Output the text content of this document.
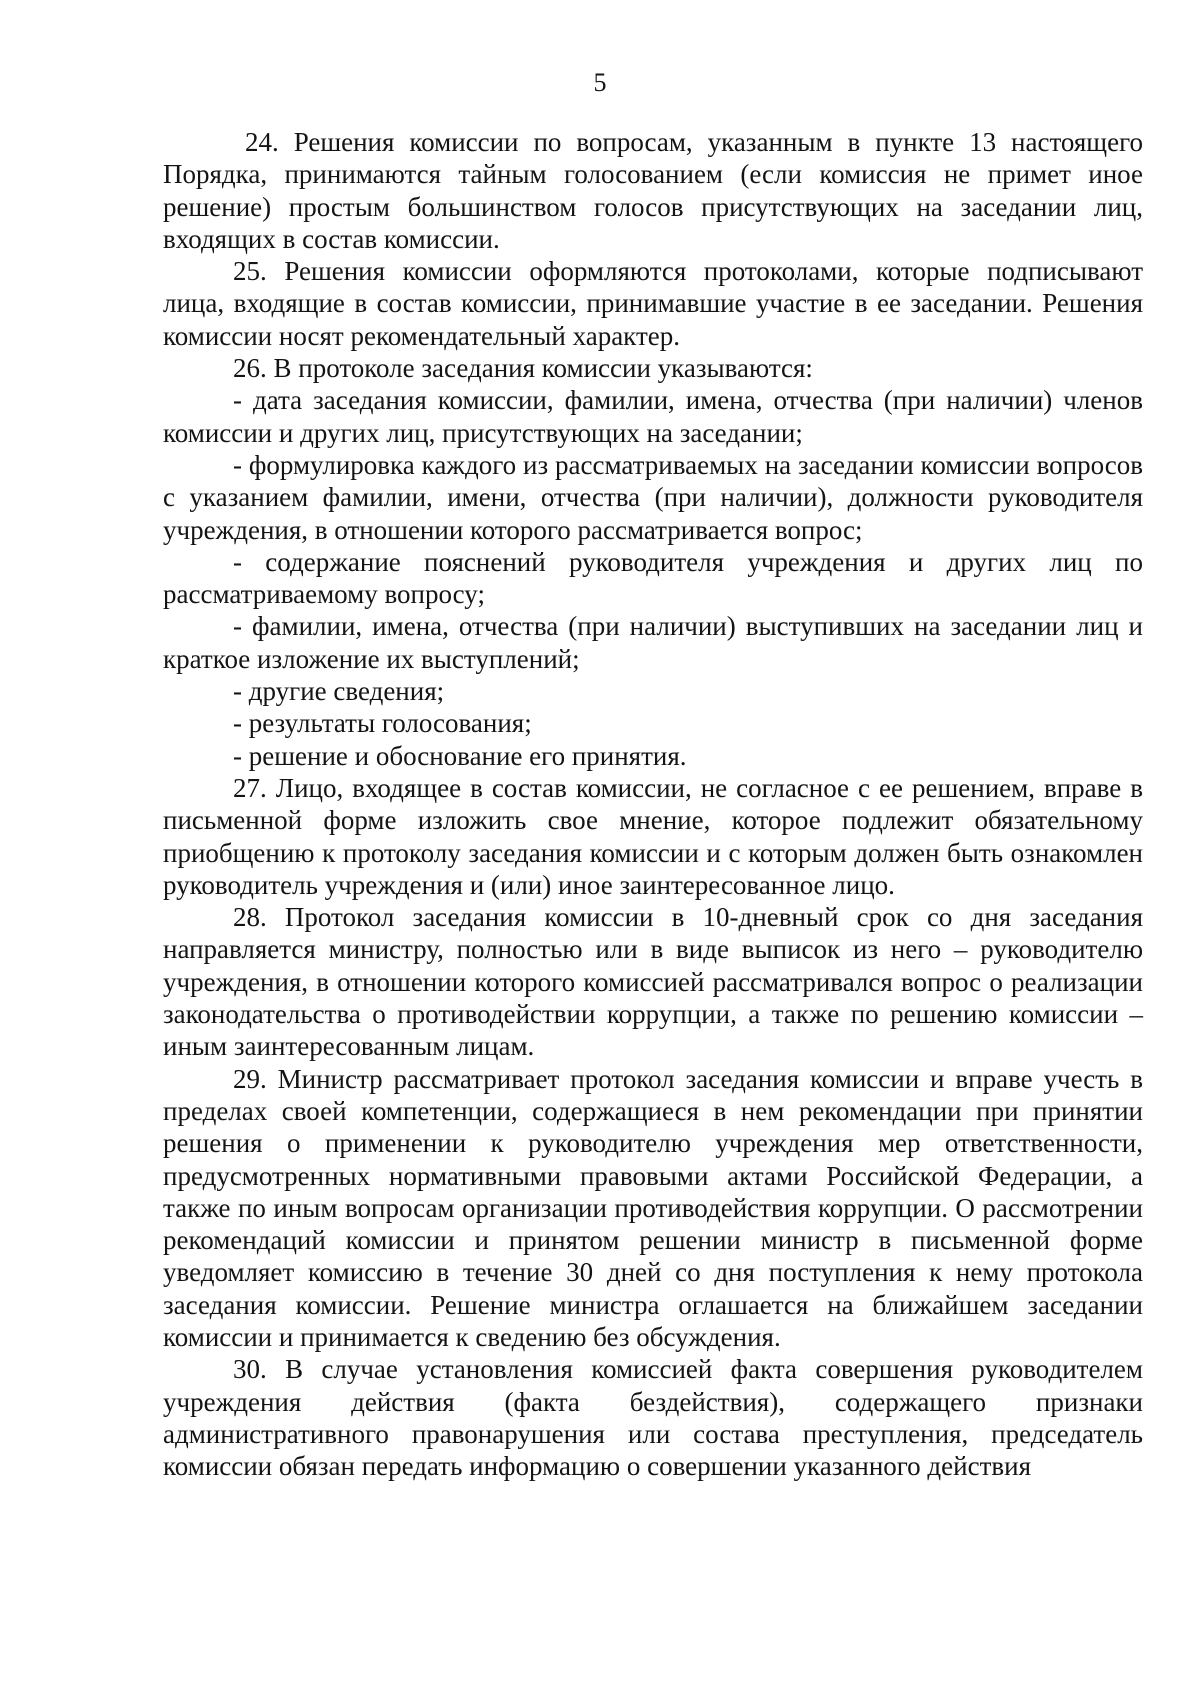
5

24. Решения комиссии по вопросам, указанным в пункте 13 настоящего Порядка, принимаются тайным голосованием (если комиссия не примет иное решение) простым большинством голосов присутствующих на заседании лиц, входящих в состав комиссии.

25. Решения комиссии оформляются протоколами, которые подписывают лица, входящие в состав комиссии, принимавшие участие в ее заседании. Решения комиссии носят рекомендательный характер.

26. В протоколе заседания комиссии указываются:

- дата заседания комиссии, фамилии, имена, отчества (при наличии) членов комиссии и других лиц, присутствующих на заседании;

- формулировка каждого из рассматриваемых на заседании комиссии вопросов с указанием фамилии, имени, отчества (при наличии), должности руководителя учреждения, в отношении которого рассматривается вопрос;

- содержание пояснений руководителя учреждения и других лиц по рассматриваемому вопросу;

- фамилии, имена, отчества (при наличии) выступивших на заседании лиц и краткое изложение их выступлений;

- другие сведения;

- результаты голосования;

- решение и обоснование его принятия.

27. Лицо, входящее в состав комиссии, не согласное с ее решением, вправе в письменной форме изложить свое мнение, которое подлежит обязательному приобщению к протоколу заседания комиссии и с которым должен быть ознакомлен руководитель учреждения и (или) иное заинтересованное лицо.

28. Протокол заседания комиссии в 10-дневный срок со дня заседания направляется министру, полностью или в виде выписок из него – руководителю учреждения, в отношении которого комиссией рассматривался вопрос о реализации законодательства о противодействии коррупции, а также по решению комиссии – иным заинтересованным лицам.

29. Министр рассматривает протокол заседания комиссии и вправе учесть в пределах своей компетенции, содержащиеся в нем рекомендации при принятии решения о применении к руководителю учреждения мер ответственности, предусмотренных нормативными правовыми актами Российской Федерации, а также по иным вопросам организации противодействия коррупции. О рассмотрении рекомендаций комиссии и принятом решении министр в письменной форме уведомляет комиссию в течение 30 дней со дня поступления к нему протокола заседания комиссии. Решение министра оглашается на ближайшем заседании комиссии и принимается к сведению без обсуждения.

30. В случае установления комиссией факта совершения руководителем учреждения действия (факта бездействия), содержащего признаки административного правонарушения или состава преступления, председатель комиссии обязан передать информацию о совершении указанного действия
